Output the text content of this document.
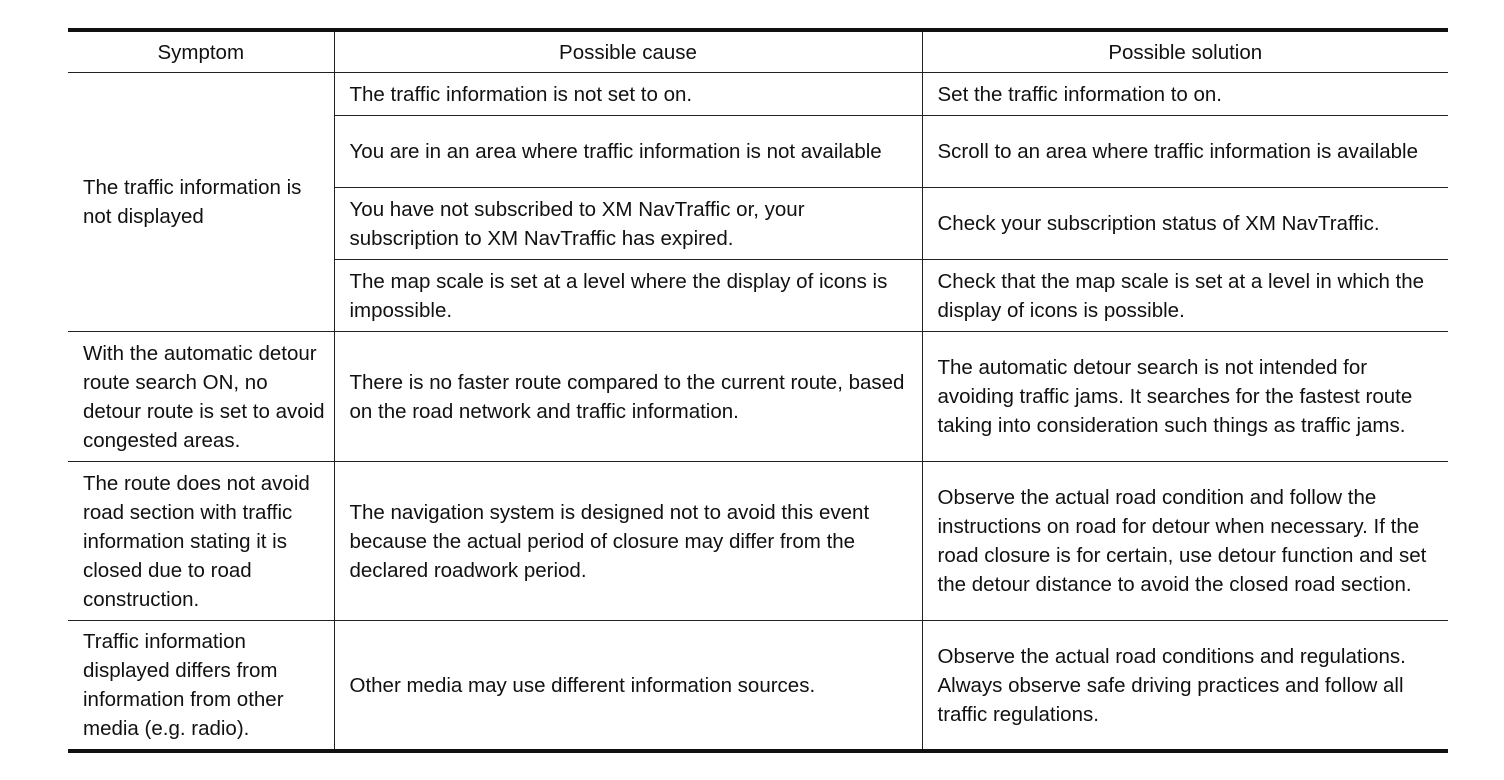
Symptom	Possible cause	Possible solution
The traffic information is not displayed	The traffic information is not set to on.	Set the traffic information to on.
	You are in an area where traffic information is not available	Scroll to an area where traffic information is available
	You have not subscribed to XM NavTraffic or, your subscription to XM NavTraffic has expired.	Check your subscription status of XM NavTraffic.
	The map scale is set at a level where the display of icons is impossible.	Check that the map scale is set at a level in which the display of icons is possible.
With the automatic detour route search ON, no detour route is set to avoid congested areas.	There is no faster route compared to the current route, based on the road network and traffic information.	The automatic detour search is not intended for avoiding traffic jams. It searches for the fastest route taking into consideration such things as traffic jams.
The route does not avoid road section with traffic information stating it is closed due to road construction.	The navigation system is designed not to avoid this event because the actual period of closure may differ from the declared roadwork period.	Observe the actual road condition and follow the instructions on road for detour when necessary. If the road closure is for certain, use detour function and set the detour distance to avoid the closed road section.
Traffic information displayed differs from information from other media (e.g. radio).	Other media may use different information sources.	Observe the actual road conditions and regulations. Always observe safe driving practices and follow all traffic regulations.
